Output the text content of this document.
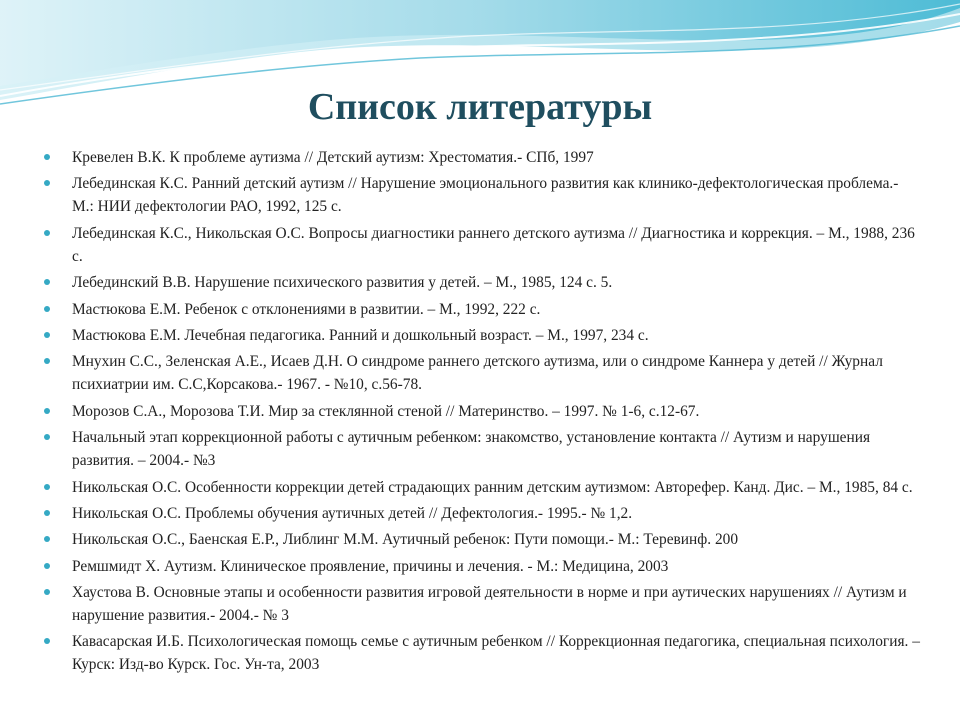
Список литературы
Кревелен В.К. К проблеме аутизма // Детский аутизм: Хрестоматия.- СПб, 1997
Лебединская К.С. Ранний детский аутизм // Нарушение эмоционального развития как клинико-дефектологическая проблема.- М.: НИИ дефектологии РАО, 1992, 125 с.
Лебединская К.С., Никольская О.С. Вопросы диагностики раннего детского аутизма // Диагностика и коррекция. – М., 1988, 236 с.
Лебединский В.В. Нарушение психического развития у детей. – М., 1985, 124 с. 5.
Мастюкова Е.М. Ребенок с отклонениями в развитии. – М., 1992, 222 с.
Мастюкова Е.М. Лечебная педагогика. Ранний и дошкольный возраст. – М., 1997, 234 с.
Мнухин С.С., Зеленская А.Е., Исаев Д.Н. О синдроме раннего детского аутизма, или о синдроме Каннера у детей // Журнал психиатрии им. С.С,Корсакова.- 1967. - №10, с.56-78.
Морозов С.А., Морозова Т.И. Мир за стеклянной стеной // Материнство. – 1997. № 1-6, с.12-67.
Начальный этап коррекционной работы с аутичным ребенком: знакомство, установление контакта // Аутизм и нарушения развития. – 2004.- №3
Никольская О.С. Особенности коррекции детей страдающих ранним детским аутизмом: Автоpефеp. Канд. Дис. – М., 1985, 84 с.
Никольская О.С. Проблемы обучения аутичных детей // Дефектология.- 1995.- № 1,2.
Никольская О.С., Баенская Е.Р., Либлинг М.М. Аутичный ребенок: Пути помощи.- М.: Теревинф. 200
Ремшмидт Х. Аутизм. Клиническое проявление, причины и лечения. - М.: Медицина, 2003
Хаустова В. Основные этапы и особенности развития игровой деятельности в норме и при аутических нарушениях // Аутизм и нарушение развития.- 2004.- № 3
Кавасарская И.Б. Психологическая помощь семье с аутичным ребенком // Коррекционная педагогика, специальная психология. – Курск: Изд-во Курск. Гос. Ун-та, 2003
